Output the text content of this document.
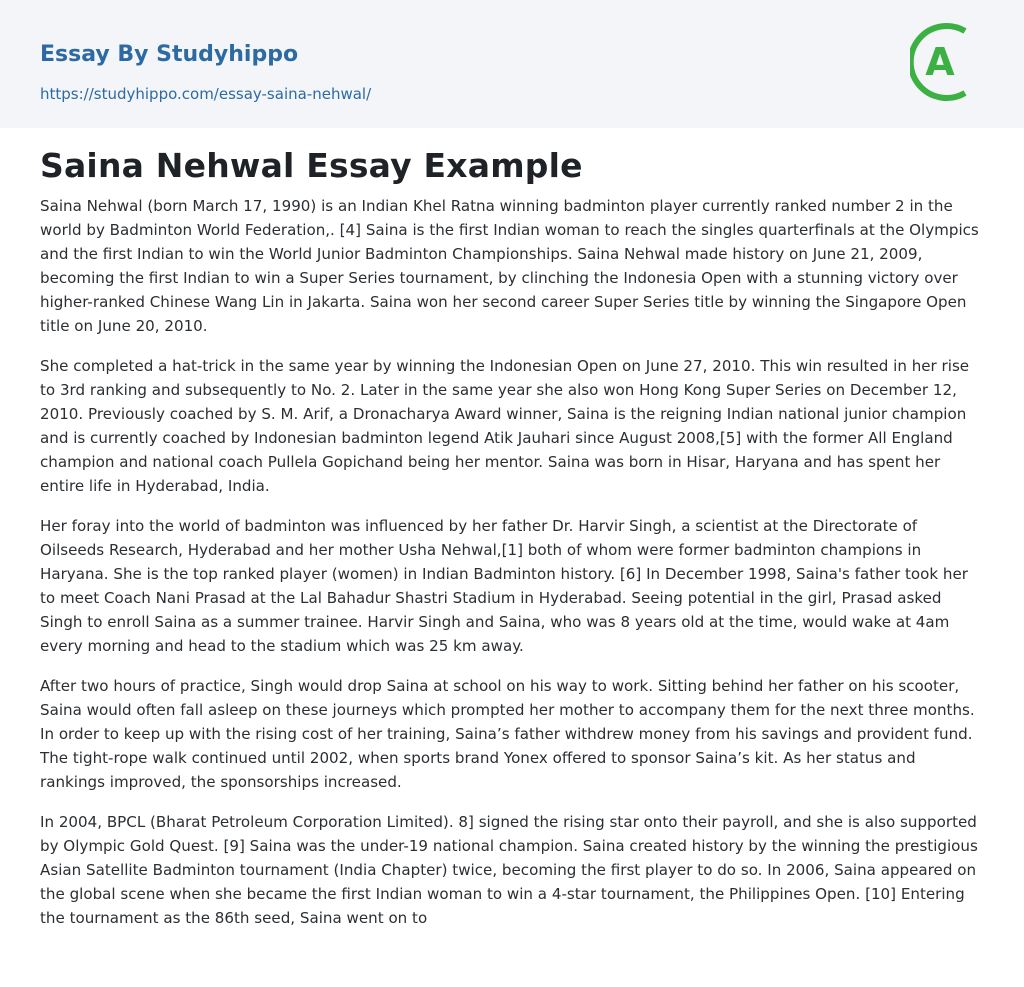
Essay By Studyhippo
https://studyhippo.com/essay-saina-nehwal/
A
Saina Nehwal Essay Example

Saina Nehwal (born March 17, 1990) is an Indian Khel Ratna winning badminton player currently ranked number 2 in the world by Badminton World Federation,. [4] Saina is the first Indian woman to reach the singles quarterfinals at the Olympics and the first Indian to win the World Junior Badminton Championships. Saina Nehwal made history on June 21, 2009, becoming the first Indian to win a Super Series tournament, by clinching the Indonesia Open with a stunning victory over higher-ranked Chinese Wang Lin in Jakarta. Saina won her second career Super Series title by winning the Singapore Open title on June 20, 2010.

She completed a hat-trick in the same year by winning the Indonesian Open on June 27, 2010. This win resulted in her rise to 3rd ranking and subsequently to No. 2. Later in the same year she also won Hong Kong Super Series on December 12, 2010. Previously coached by S. M. Arif, a Dronacharya Award winner, Saina is the reigning Indian national junior champion and is currently coached by Indonesian badminton legend Atik Jauhari since August 2008,[5] with the former All England champion and national coach Pullela Gopichand being her mentor. Saina was born in Hisar, Haryana and has spent her entire life in Hyderabad, India.

Her foray into the world of badminton was influenced by her father Dr. Harvir Singh, a scientist at the Directorate of Oilseeds Research, Hyderabad and her mother Usha Nehwal,[1] both of whom were former badminton champions in Haryana. She is the top ranked player (women) in Indian Badminton history. [6] In December 1998, Saina's father took her to meet Coach Nani Prasad at the Lal Bahadur Shastri Stadium in Hyderabad. Seeing potential in the girl, Prasad asked Singh to enroll Saina as a summer trainee. Harvir Singh and Saina, who was 8 years old at the time, would wake at 4am every morning and head to the stadium which was 25 km away.

After two hours of practice, Singh would drop Saina at school on his way to work. Sitting behind her father on his scooter, Saina would often fall asleep on these journeys which prompted her mother to accompany them for the next three months. In order to keep up with the rising cost of her training, Saina’s father withdrew money from his savings and provident fund. The tight-rope walk continued until 2002, when sports brand Yonex offered to sponsor Saina’s kit. As her status and rankings improved, the sponsorships increased.

In 2004, BPCL (Bharat Petroleum Corporation Limited). 8] signed the rising star onto their payroll, and she is also supported by Olympic Gold Quest. [9] Saina was the under-19 national champion. Saina created history by the winning the prestigious Asian Satellite Badminton tournament (India Chapter) twice, becoming the first player to do so. In 2006, Saina appeared on the global scene when she became the first Indian woman to win a 4-star tournament, the Philippines Open. [10] Entering the tournament as the 86th seed, Saina went on to
